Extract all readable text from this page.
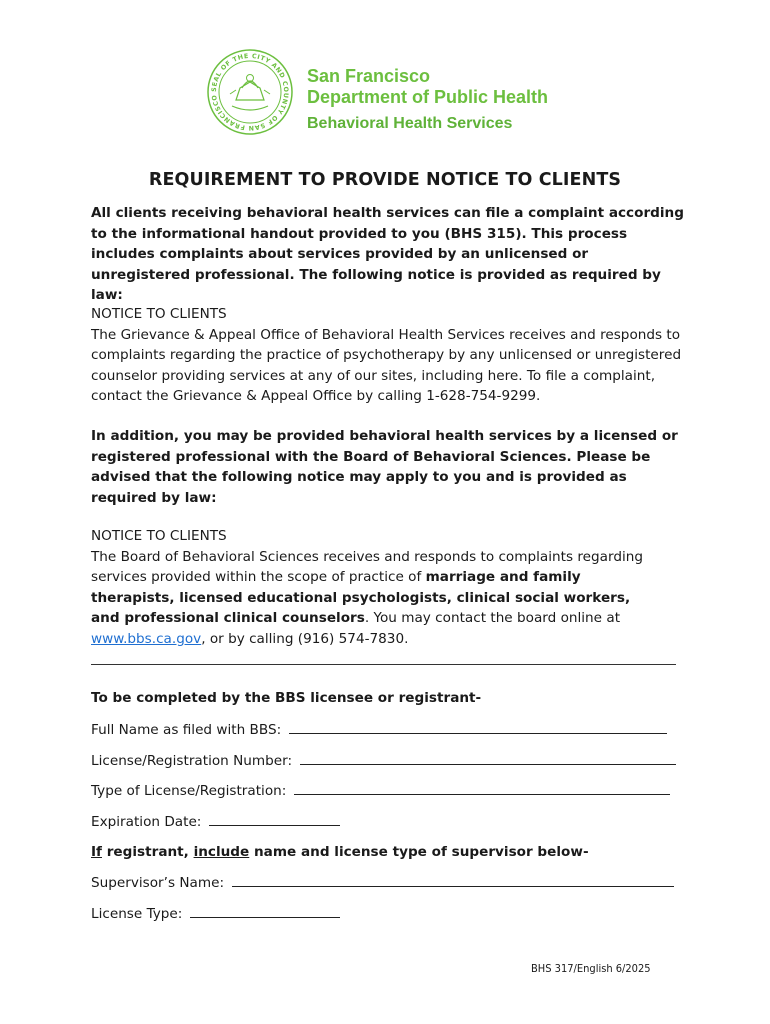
SEAL OF THE CITY AND COUNTY OF SAN FRANCISCO
San Francisco
Department of Public Health
Behavioral Health Services
REQUIREMENT TO PROVIDE NOTICE TO CLIENTS
All clients receiving behavioral health services can file a complaint according to the informational handout provided to you (BHS 315). This process includes complaints about services provided by an unlicensed or unregistered professional. The following notice is provided as required by law:
NOTICE TO CLIENTS
The Grievance & Appeal Office of Behavioral Health Services receives and responds to complaints regarding the practice of psychotherapy by any unlicensed or unregistered counselor providing services at any of our sites, including here. To file a complaint, contact the Grievance & Appeal Office by calling 1-628-754-9299.
In addition, you may be provided behavioral health services by a licensed or registered professional with the Board of Behavioral Sciences. Please be advised that the following notice may apply to you and is provided as required by law:
NOTICE TO CLIENTS
The Board of Behavioral Sciences receives and responds to complaints regarding services provided within the scope of practice of marriage and family therapists, licensed educational psychologists, clinical social workers, and professional clinical counselors. You may contact the board online at www.bbs.ca.gov, or by calling (916) 574-7830.
To be completed by the BBS licensee or registrant-
Full Name as filed with BBS:
License/Registration Number:
Type of License/Registration:
Expiration Date:
If registrant, include name and license type of supervisor below-
Supervisor’s Name:
License Type:
BHS 317/English 6/2025
